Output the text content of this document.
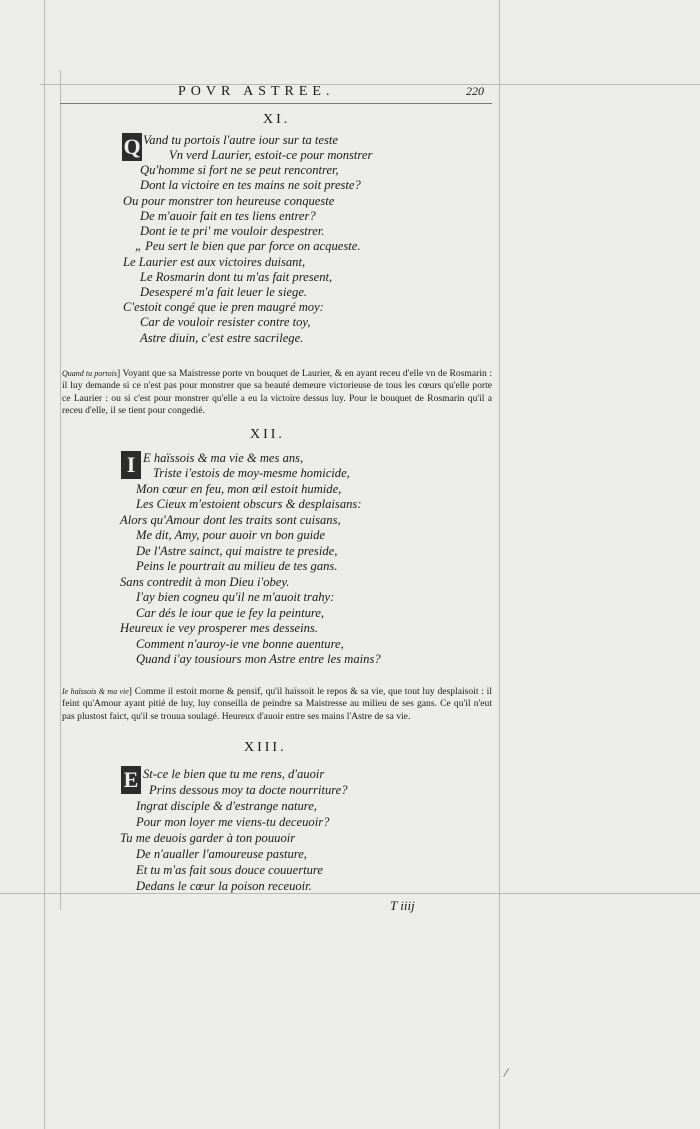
POVR ASTREE.	220
XI.
Q Vand tu portois l'autre iour sur ta teste
Vn verd Laurier, estoit-ce pour monstrer
Qu'homme si fort ne se peut rencontrer,
Dont la victoire en tes mains ne soit preste?
Ou pour monstrer ton heureuse conqueste
De m'auoir fait en tes liens entrer?
Dont ie te pri' me vouloir despestrer.
„ Peu sert le bien que par force on acqueste.
Le Laurier est aux victoires duisant,
Le Rosmarin dont tu m'as fait present,
Desesperé m'a fait leuer le siege.
C'estoit congé que ie pren maugré moy:
Car de vouloir resister contre toy,
Astre diuin, c'est estre sacrilege.

Quand tu portois] Voyant que sa Maistresse porte vn bouquet de Laurier, & en ayant receu d'elle vn de Rosmarin : il luy demande si ce n'est pas pour monstrer que sa beauté demeure victorieuse de tous les cœurs qu'elle porte ce Laurier : ou si c'est pour monstrer qu'elle a eu la victoire dessus luy. Pour le bouquet de Rosmarin qu'il a receu d'elle, il se tient pour congedié.

XII.
I E haïssois & ma vie & mes ans,
Triste i'estois de moy-mesme homicide,
Mon cœur en feu, mon œil estoit humide,
Les Cieux m'estoient obscurs & desplaisans:
Alors qu'Amour dont les traits sont cuisans,
Me dit, Amy, pour auoir vn bon guide
De l'Astre sainct, qui maistre te preside,
Peins le pourtrait au milieu de tes gans.
Sans contredit à mon Dieu i'obey.
I'ay bien cogneu qu'il ne m'auoit trahy:
Car dés le iour que ie fey la peinture,
Heureux ie vey prosperer mes desseins.
Comment n'auroy-ie vne bonne auenture,
Quand i'ay tousiours mon Astre entre les mains?

Ie haïssois & ma vie] Comme il estoit morne & pensif, qu'il haïssoit le repos & sa vie, que tout luy desplaisoit : il feint qu'Amour ayant pitié de luy, luy conseilla de peindre sa Maistresse au milieu de ses gans. Ce qu'il n'eut pas plustost faict, qu'il se trouua soulagé. Heureux d'auoir entre ses mains l'Astre de sa vie.

XIII.
E St-ce le bien que tu me rens, d'auoir
Prins dessous moy ta docte nourriture?
Ingrat disciple & d'estrange nature,
Pour mon loyer me viens-tu deceuoir?
Tu me deuois garder à ton pouuoir
De n'aualler l'amoureuse pasture,
Et tu m'as fait sous douce couuerture
Dedans le cœur la poison receuoir.
T iiij
/
